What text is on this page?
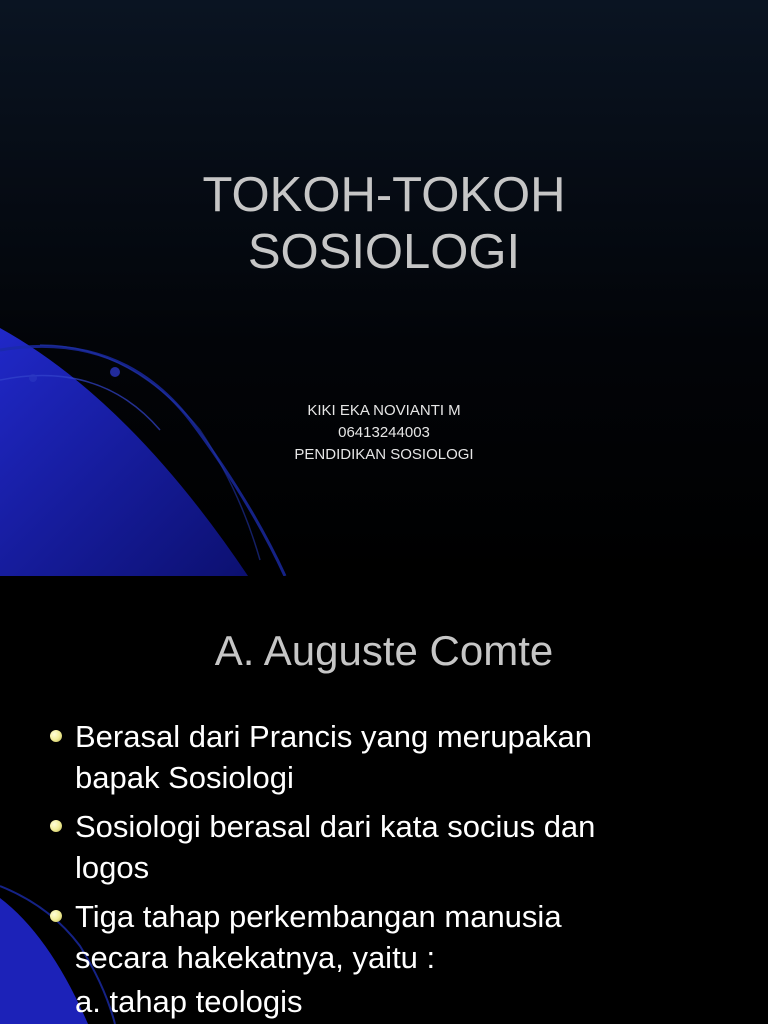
TOKOH-TOKOH
SOSIOLOGI
KIKI EKA NOVIANTI M
06413244003
PENDIDIKAN SOSIOLOGI
A. Auguste Comte
Berasal dari Prancis yang merupakan
bapak Sosiologi
Sosiologi berasal dari kata socius dan
logos
Tiga tahap perkembangan manusia
secara hakekatnya, yaitu :

a. tahap teologis
